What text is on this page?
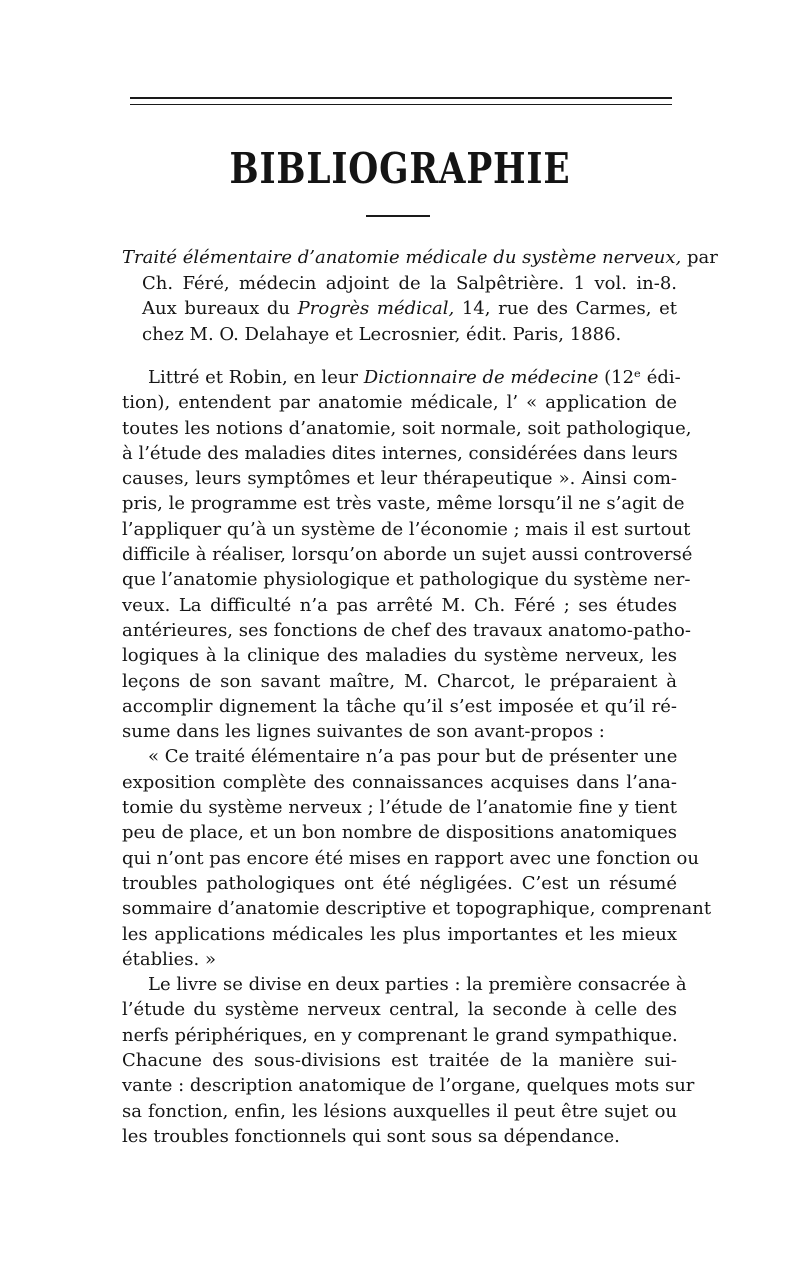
BIBLIOGRAPHIE
Traité élémentaire d’anatomie médicale du système nerveux, par
Ch. Féré, médecin adjoint de la Salpêtrière. 1 vol. in-8.
Aux bureaux du Progrès médical, 14, rue des Carmes, et
chez M. O. Delahaye et Lecrosnier, édit. Paris, 1886.
Littré et Robin, en leur Dictionnaire de médecine (12ᵉ édi-
tion), entendent par anatomie médicale, l’ « application de
toutes les notions d’anatomie, soit normale, soit pathologique,
à l’étude des maladies dites internes, considérées dans leurs
causes, leurs symptômes et leur thérapeutique ». Ainsi com-
pris, le programme est très vaste, même lorsqu’il ne s’agit de
l’appliquer qu’à un système de l’économie ; mais il est surtout
difficile à réaliser, lorsqu’on aborde un sujet aussi controversé
que l’anatomie physiologique et pathologique du système ner-
veux. La difficulté n’a pas arrêté M. Ch. Féré ; ses études
antérieures, ses fonctions de chef des travaux anatomo-patho-
logiques à la clinique des maladies du système nerveux, les
leçons de son savant maître, M. Charcot, le préparaient à
accomplir dignement la tâche qu’il s’est imposée et qu’il ré-
sume dans les lignes suivantes de son avant-propos :
« Ce traité élémentaire n’a pas pour but de présenter une
exposition complète des connaissances acquises dans l’ana-
tomie du système nerveux ; l’étude de l’anatomie fine y tient
peu de place, et un bon nombre de dispositions anatomiques
qui n’ont pas encore été mises en rapport avec une fonction ou
troubles pathologiques ont été négligées. C’est un résumé
sommaire d’anatomie descriptive et topographique, comprenant
les applications médicales les plus importantes et les mieux
établies. »
Le livre se divise en deux parties : la première consacrée à
l’étude du système nerveux central, la seconde à celle des
nerfs périphériques, en y comprenant le grand sympathique.
Chacune des sous-divisions est traitée de la manière sui-
vante : description anatomique de l’organe, quelques mots sur
sa fonction, enfin, les lésions auxquelles il peut être sujet ou
les troubles fonctionnels qui sont sous sa dépendance.
